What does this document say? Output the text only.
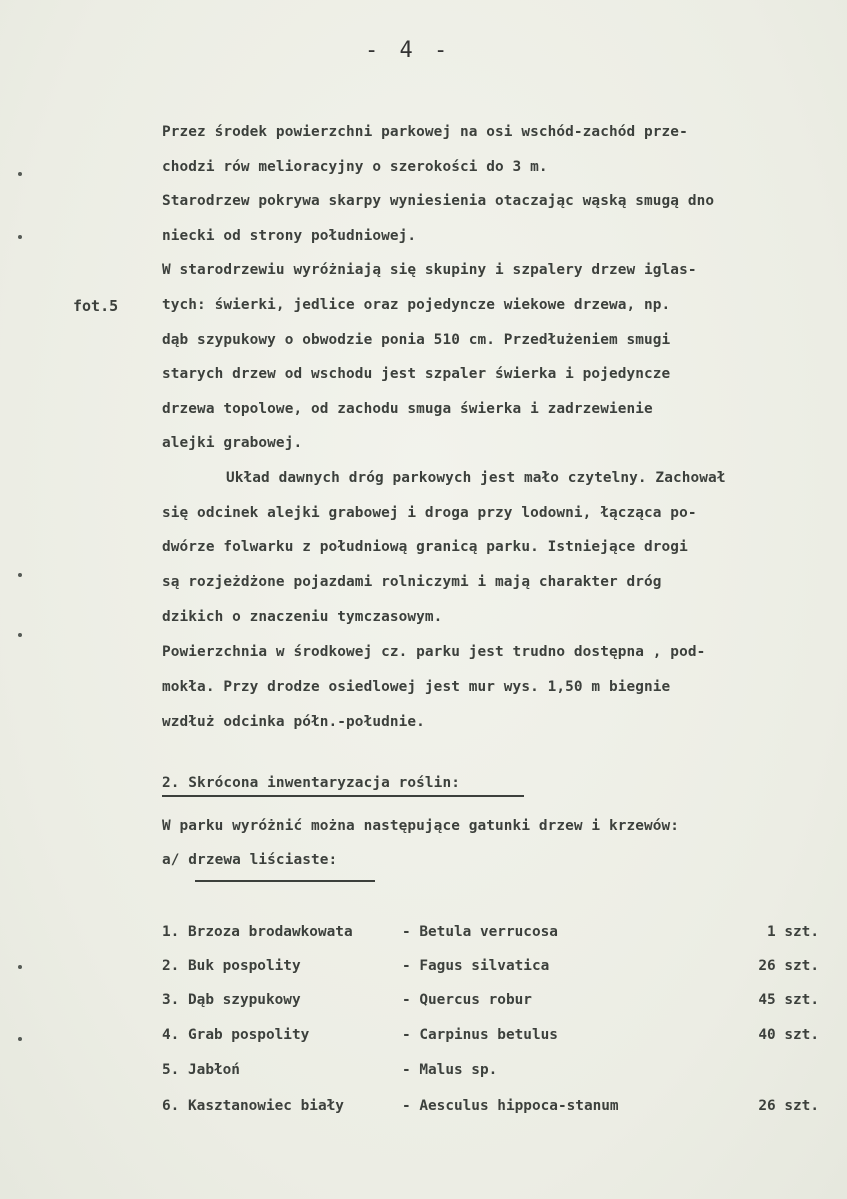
- 4 -
fot.5
Przez środek powierzchni parkowej na osi wschód-zachód prze-
chodzi rów melioracyjny o szerokości do 3 m.
Starodrzew pokrywa skarpy wyniesienia otaczając wąską smugą dno
niecki od strony południowej.
W starodrzewiu wyróżniają się skupiny i szpalery drzew iglas-
tych: świerki, jedlice oraz pojedyncze wiekowe drzewa, np.
dąb szypukowy o obwodzie ponia 510 cm. Przedłużeniem smugi
starych drzew od wschodu jest szpaler świerka i pojedyncze
drzewa topolowe, od zachodu smuga świerka i zadrzewienie
alejki grabowej.
Układ dawnych dróg parkowych jest mało czytelny. Zachował
się odcinek alejki grabowej i droga przy lodowni, łącząca po-
dwórze folwarku z południową granicą parku. Istniejące drogi
są rozjeżdżone pojazdami rolniczymi i mają charakter dróg
dzikich o znaczeniu tymczasowym.
Powierzchnia w środkowej cz. parku jest trudno dostępna , pod-
mokła. Przy drodze osiedlowej jest mur wys. 1,50 m biegnie
wzdłuż odcinka półn.-południe.
2. Skrócona inwentaryzacja roślin:
W parku wyróżnić można następujące gatunki drzew i krzewów:
a/ drzewa liściaste:
1. Brzoza brodawkowata	- Betula verrucosa	1 szt.
2. Buk pospolity	- Fagus silvatica	26 szt.
3. Dąb szypukowy	- Quercus robur	45 szt.
4. Grab pospolity	- Carpinus betulus	40 szt.
5. Jabłoń	- Malus sp.
6. Kasztanowiec biały	- Aesculus hippoca-stanum	26 szt.
